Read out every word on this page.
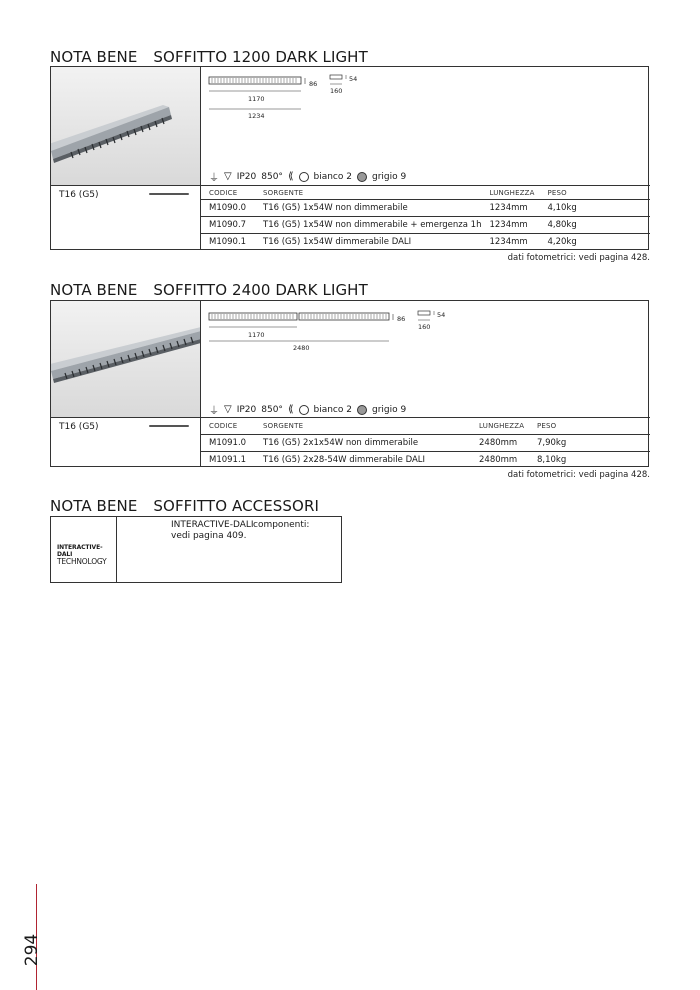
NOTA BENE SOFFITTO 1200 DARK LIGHT
86
54
160
1170
1234
⏚ ▽ IP20 850° ⟪ bianco 2 grigio 9
T16 (G5)	CODICE	SORGENTE	LUNGHEZZA	PESO
M1090.0	T16 (G5) 1x54W non dimmerabile	1234mm	4,10kg
M1090.7	T16 (G5) 1x54W non dimmerabile + emergenza 1h	1234mm	4,80kg
M1090.1	T16 (G5) 1x54W dimmerabile DALI	1234mm	4,20kg
dati fotometrici: vedi pagina 428.
NOTA BENE SOFFITTO 2400 DARK LIGHT
86	54
160
1170
2480
⏚ ▽ IP20 850° ⟪ bianco 2 grigio 9
T16 (G5)	CODICE	SORGENTE	LUNGHEZZA	PESO
M1091.0	T16 (G5) 2x1x54W non dimmerabile	2480mm	7,90kg
M1091.1	T16 (G5) 2x28-54W dimmerabile DALI	2480mm	8,10kg
dati fotometrici: vedi pagina 428.
NOTA BENE SOFFITTO ACCESSORI
INTERACTIVE-DALI
TECHNOLOGY
INTERACTIVE-DALI componenti:
vedi pagina 409.
294
